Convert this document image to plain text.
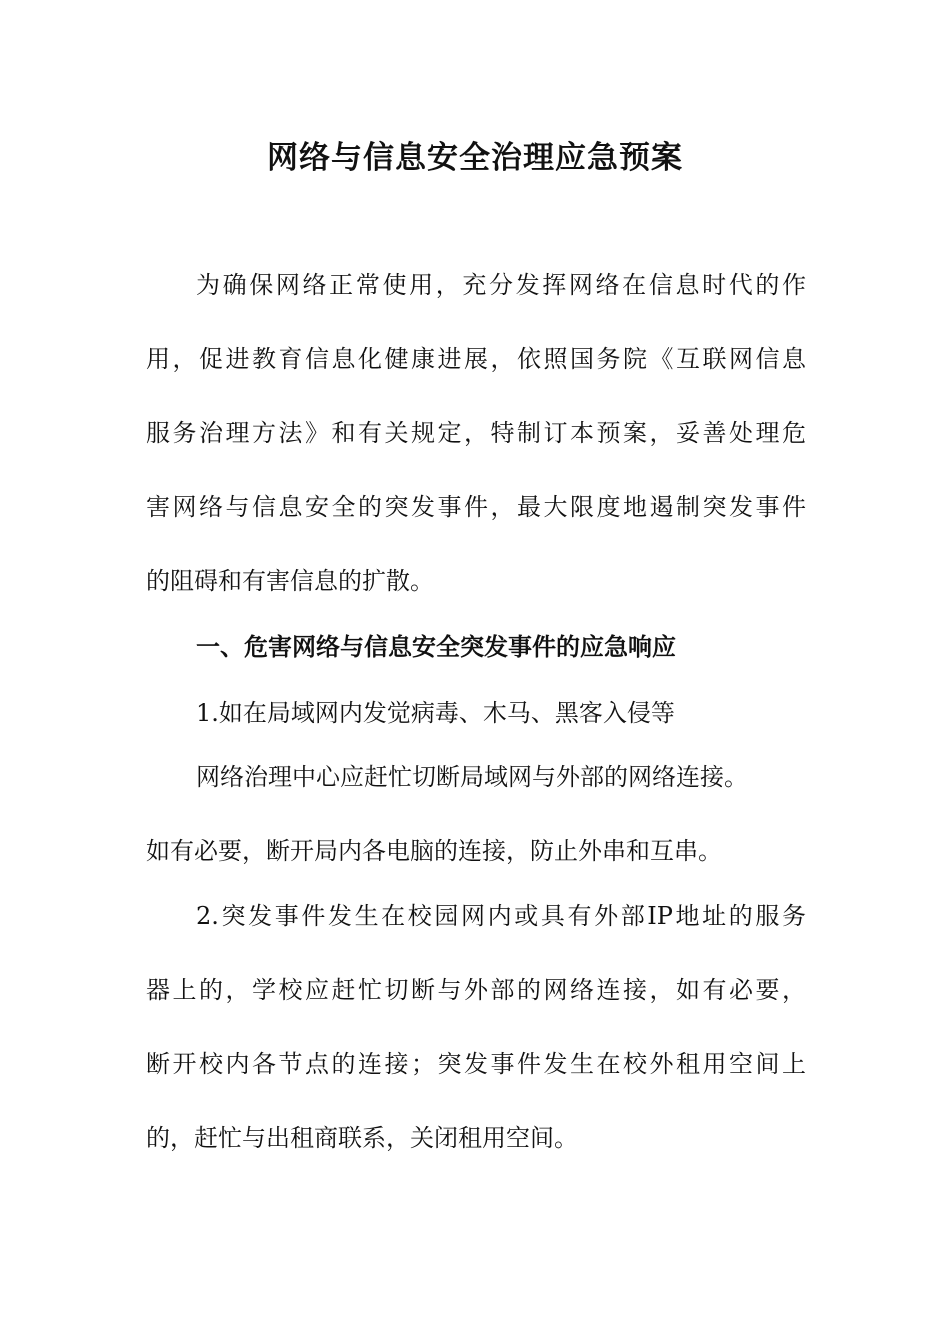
网络与信息安全治理应急预案
为确保网络正常使用，充分发挥网络在信息时代的作
用，促进教育信息化健康进展，依照国务院《互联网信息
服务治理方法》和有关规定，特制订本预案，妥善处理危
害网络与信息安全的突发事件，最大限度地遏制突发事件
的阻碍和有害信息的扩散。
一、危害网络与信息安全突发事件的应急响应
1.如在局域网内发觉病毒、木马、黑客入侵等
网络治理中心应赶忙切断局域网与外部的网络连接。
如有必要，断开局内各电脑的连接，防止外串和互串。
2.突发事件发生在校园网内或具有外部IP地址的服务
器上的，学校应赶忙切断与外部的网络连接，如有必要，
断开校内各节点的连接；突发事件发生在校外租用空间上
的，赶忙与出租商联系，关闭租用空间。
